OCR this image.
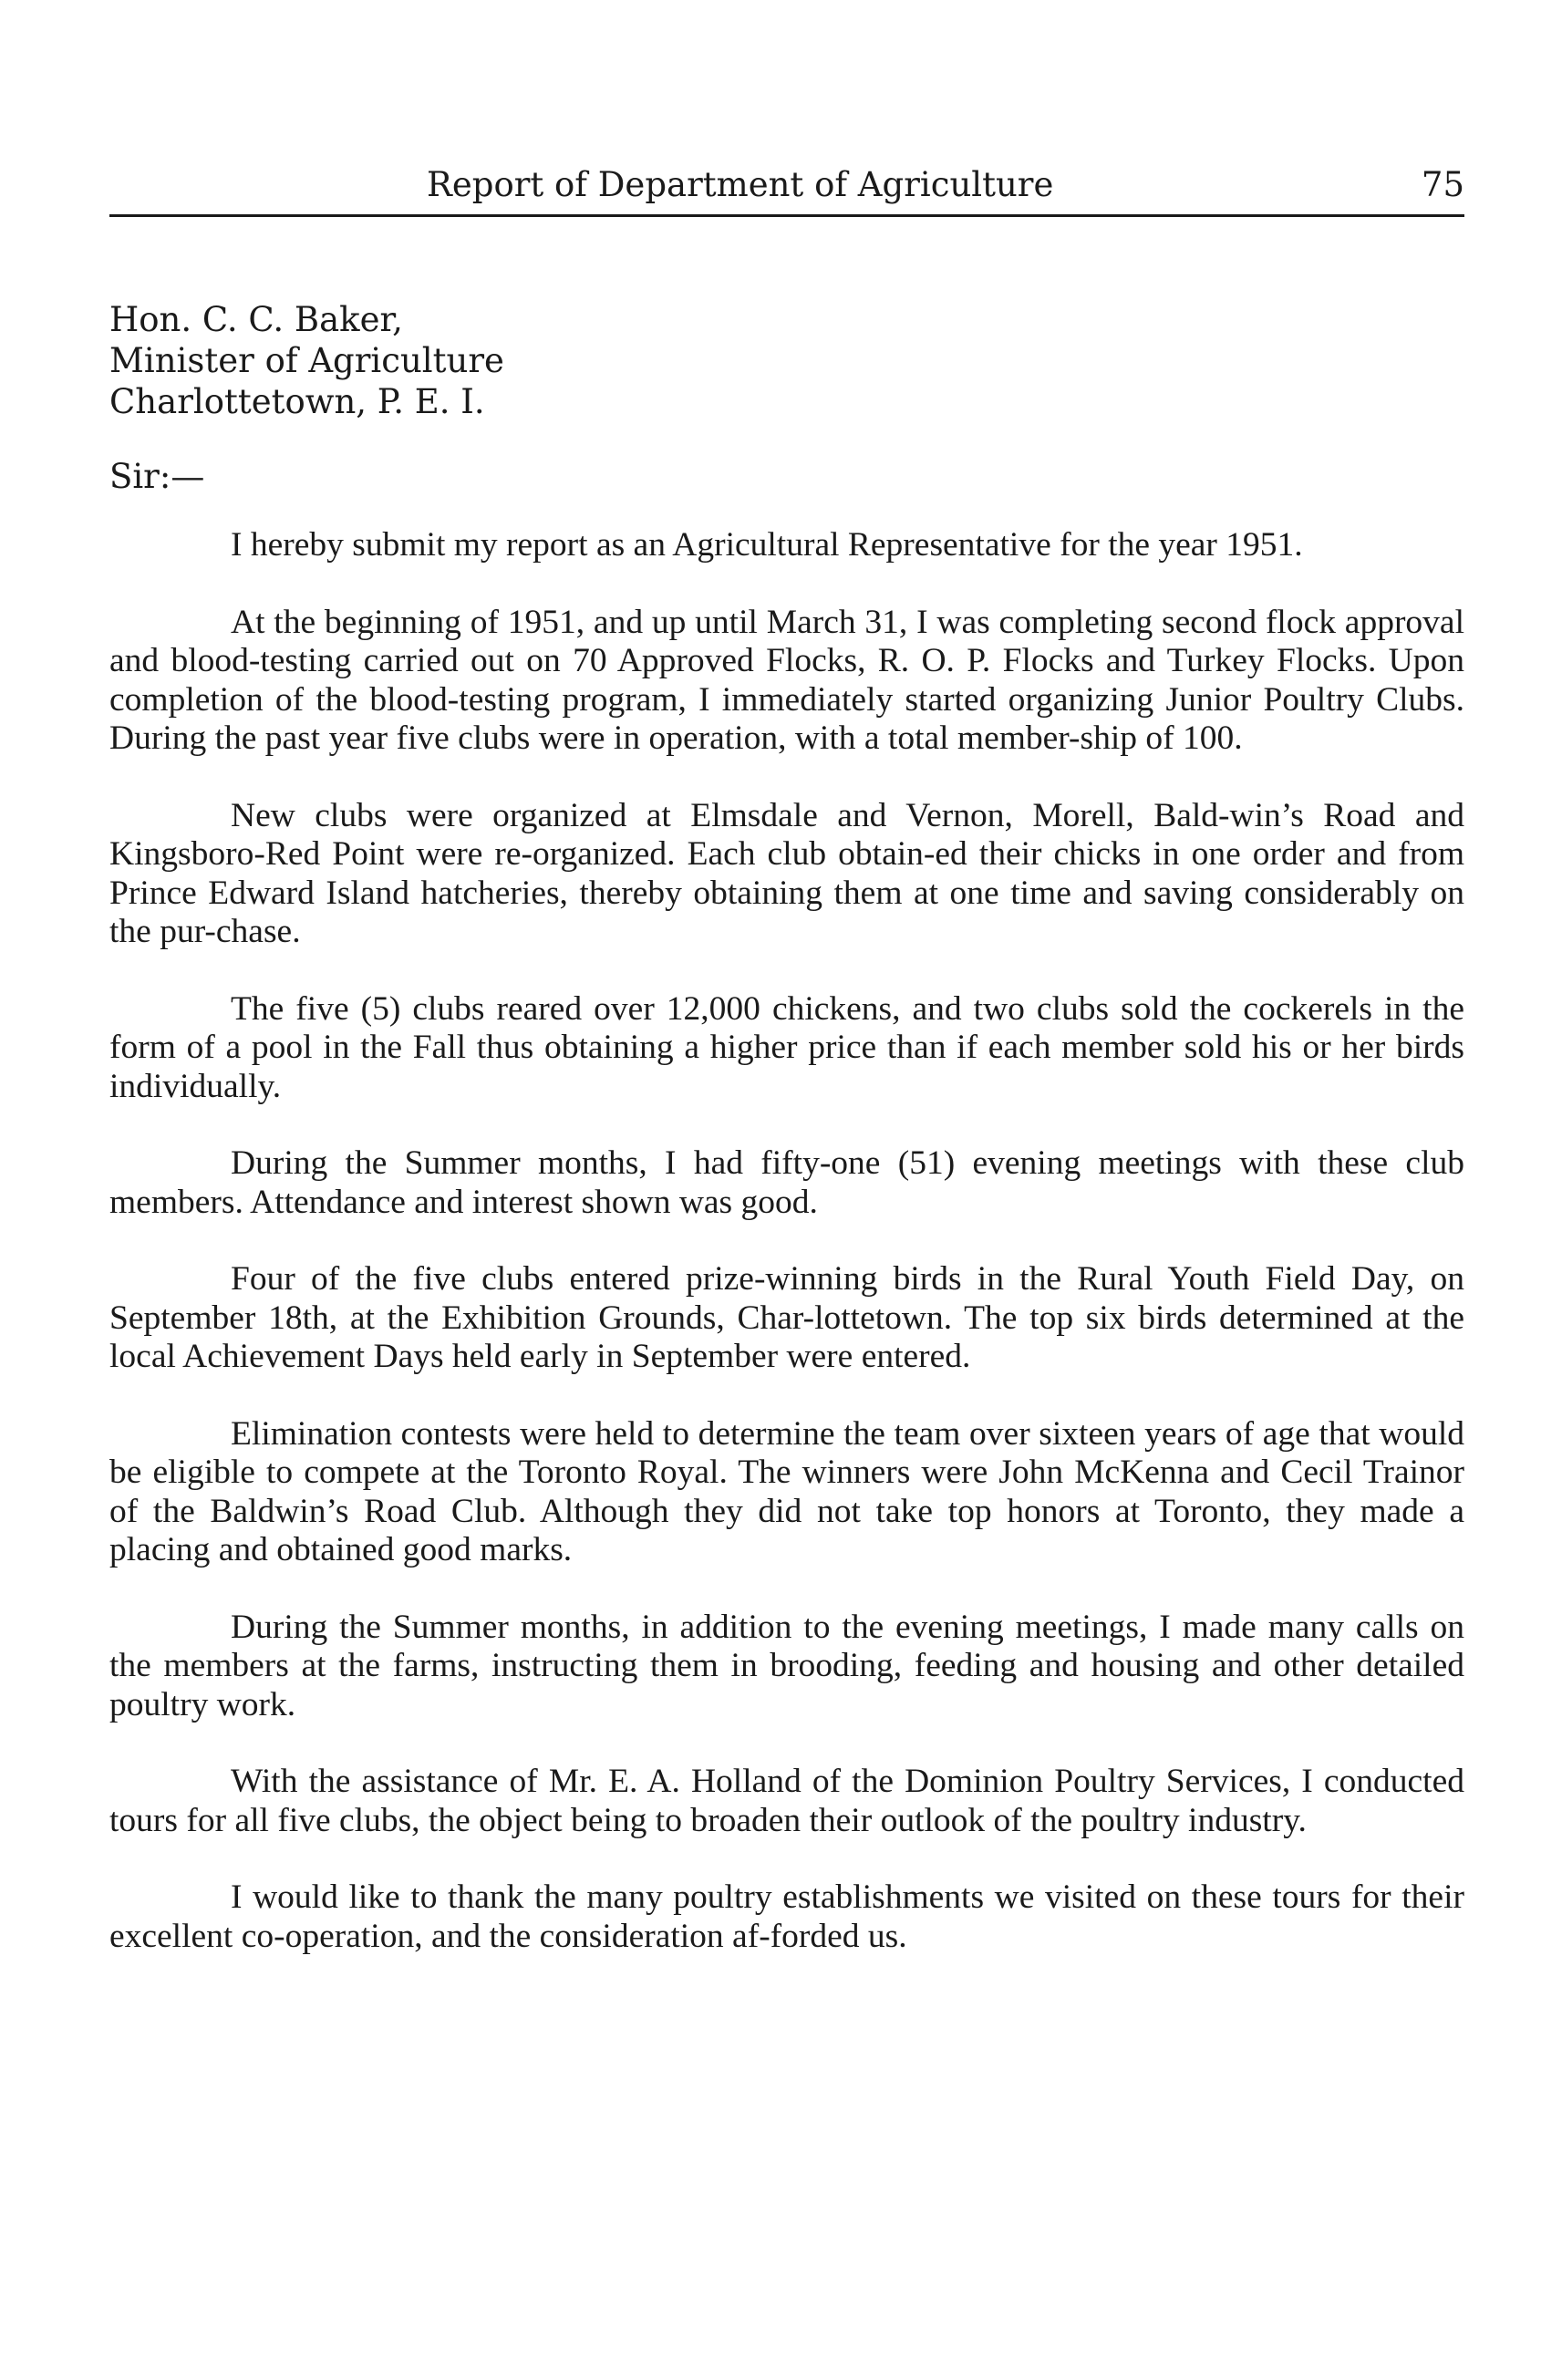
Report of Department of Agriculture	75
Hon. C. C. Baker,
Minister of Agriculture
Charlottetown, P. E. I.
Sir:—

I hereby submit my report as an Agricultural Representative for the year 1951.

At the beginning of 1951, and up until March 31, I was completing second flock approval and blood-testing carried out on 70 Approved Flocks, R. O. P. Flocks and Turkey Flocks. Upon completion of the blood-testing program, I immediately started organizing Junior Poultry Clubs. During the past year five clubs were in operation, with a total member-ship of 100.

New clubs were organized at Elmsdale and Vernon, Morell, Bald-win’s Road and Kingsboro-Red Point were re-organized. Each club obtain-ed their chicks in one order and from Prince Edward Island hatcheries, thereby obtaining them at one time and saving considerably on the pur-chase.

The five (5) clubs reared over 12,000 chickens, and two clubs sold the cockerels in the form of a pool in the Fall thus obtaining a higher price than if each member sold his or her birds individually.

During the Summer months, I had fifty-one (51) evening meetings with these club members. Attendance and interest shown was good.

Four of the five clubs entered prize-winning birds in the Rural Youth Field Day, on September 18th, at the Exhibition Grounds, Char-lottetown. The top six birds determined at the local Achievement Days held early in September were entered.

Elimination contests were held to determine the team over sixteen years of age that would be eligible to compete at the Toronto Royal. The winners were John McKenna and Cecil Trainor of the Baldwin’s Road Club. Although they did not take top honors at Toronto, they made a placing and obtained good marks.

During the Summer months, in addition to the evening meetings, I made many calls on the members at the farms, instructing them in brooding, feeding and housing and other detailed poultry work.

With the assistance of Mr. E. A. Holland of the Dominion Poultry Services, I conducted tours for all five clubs, the object being to broaden their outlook of the poultry industry.

I would like to thank the many poultry establishments we visited on these tours for their excellent co-operation, and the consideration af-forded us.
